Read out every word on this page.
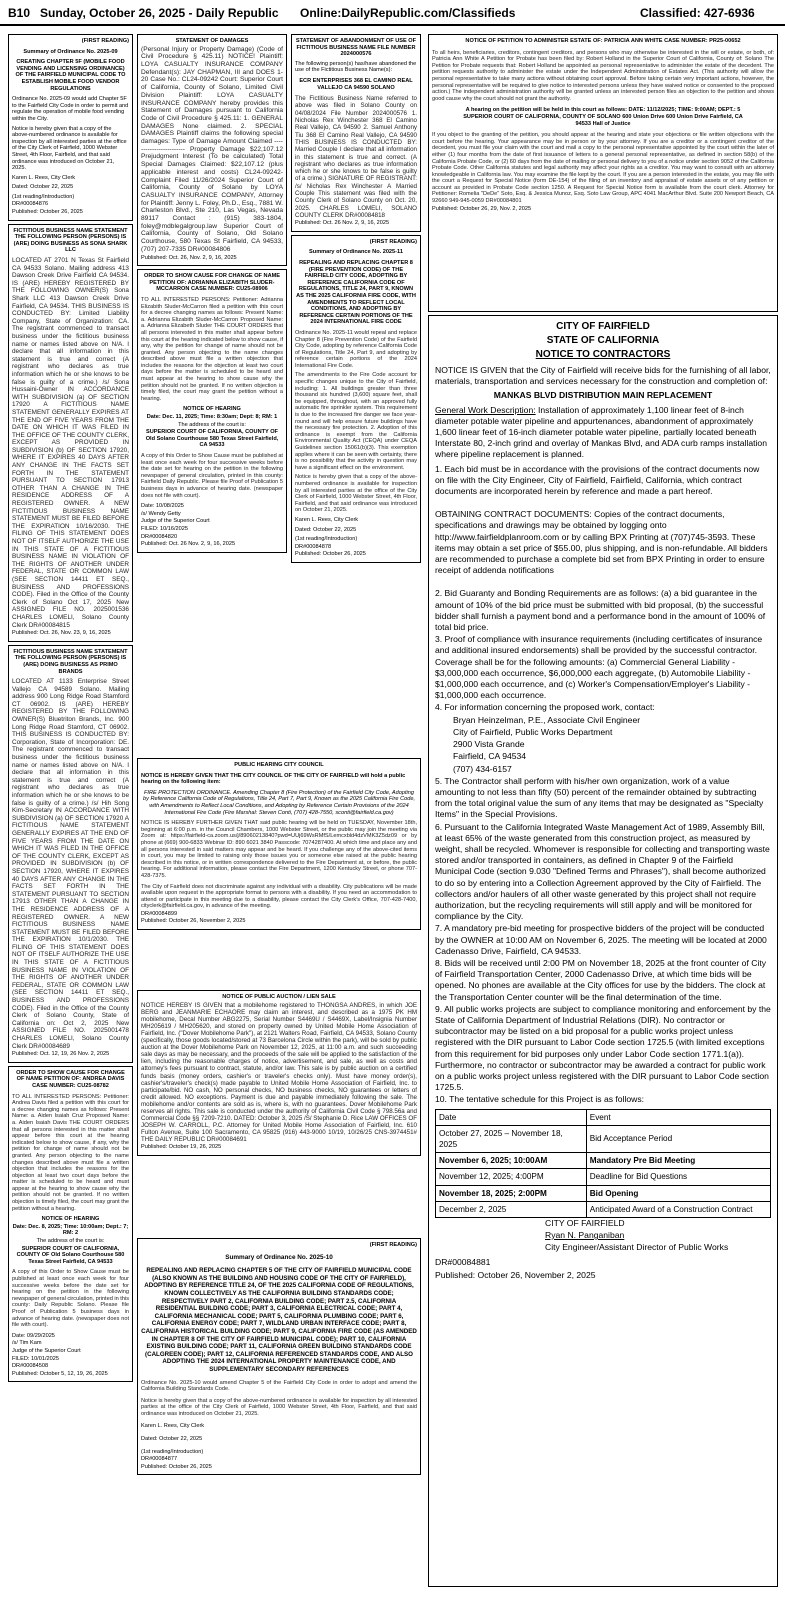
B10 Sunday, October 26, 2025 - Daily Republic Online:DailyRepublic.com/Classifieds	Classified: 427-6936

(FIRST READING)

Summary of Ordinance No. 2025-09

CREATING CHAPTER 5F (MOBILE FOOD VENDING AND LICENSING ORDINANCE) OF THE FAIRFIELD MUNICIPAL CODE TO ESTABLISH MOBILE FOOD VENDOR REGULATIONS

Ordinance No. 2025-09 would add Chapter 5F to the Fairfield City Code in order to permit and regulate the operation of mobile food vending within the City.

Notice is hereby given that a copy of the above-numbered ordinance is available for inspection by all interested parties at the office of the City Clerk of Fairfield, 1000 Webster Street, 4th Floor, Fairfield, and that said ordinance was introduced on October 21, 2025.

Karen L. Rees, City Clerk

Dated: October 22, 2025

(1st reading/Introduction)

DR#00084876

Published: October 26, 2025

FICTITIOUS BUSINESS NAME STATEMENT THE FOLLOWING PERSON (PERSONS) IS (ARE) DOING BUSINESS AS SONA SHARK LLC

LOCATED AT 2701 N Texas St Fairfield CA 94533 Solano. Mailing address 413 Dawson Creek Drive Fairfield CA 94534. IS (ARE) HEREBY REGISTERED BY THE FOLLOWING OWNER(S) Sona Shark LLC 413 Dawson Creek Drive Fairfield, CA 94534. THIS BUSINESS IS CONDUCTED BY: Limited Liability Company, State of Organization: CA. The registrant commenced to transact business under the fictitious business name or names listed above on N/A. I declare that all information in this statement is true and correct (A registrant who declares as true information which he or she knows to be false is guilty of a crime.) /s/ Sona Hussaini-Owner IN ACCORDANCE WITH SUBDIVISION (a) OF SECTION 17920 A FICTITIOUS NAME STATEMENT GENERALLY EXPIRES AT THE END OF FIVE YEARS FROM THE DATE ON WHICH IT WAS FILED IN THE OFFICE OF THE COUNTY CLERK, EXCEPT AS PROVIDED IN SUBDIVISION (b) OF SECTION 17920, WHERE IT EXPIRES 40 DAYS AFTER ANY CHANGE IN THE FACTS SET FORTH IN THE STATEMENT PURSUANT TO SECTION 17913 OTHER THAN A CHANGE IN THE RESIDENCE ADDRESS OF A REGISTERED OWNER. A NEW FICTITIOUS BUSINESS NAME STATEMENT MUST BE FILED BEFORE THE EXPIRATION 10/16/2030. THE FILING OF THIS STATEMENT DOES NOT OF ITSELF AUTHORIZE THE USE IN THIS STATE OF A FICTITIOUS BUSINESS NAME IN VIOLATION OF THE RIGHTS OF ANOTHER UNDER FEDERAL, STATE OR COMMON LAW (SEE SECTION 14411 ET SEQ., BUSINESS AND PROFESSIONS CODE). Filed in the Office of the County Clerk of Solano Oct 17, 2025 New ASSIGNED FILE NO. 2025001536 CHARLES LOMELI, Solano County Clerk DR#00084815

Published: Oct. 26, Nov. 23, 9, 16, 2025

FICTITIOUS BUSINESS NAME STATEMENT THE FOLLOWING PERSON (PERSONS) IS (ARE) DOING BUSINESS AS PRIMO BRANDS

LOCATED AT 1133 Enterprise Street Vallejo CA 94589 Solano. Mailing address 900 Long Ridge Road Stamford CT 06902. IS (ARE) HEREBY REGISTERED BY THE FOLLOWING OWNER(S) Bluetriton Brands, Inc. 900 Long Ridge Road Stamford, CT 06902. THIS BUSINESS IS CONDUCTED BY: Corporation, State of Incorporation: DE. The registrant commenced to transact business under the fictitious business name or names listed above on N/A. I declare that all information in this statement is true and correct (A registrant who declares as true information which he or she knows to be false is guilty of a crime.) /s/ Hih Song Kim-Secretary IN ACCORDANCE WITH SUBDIVISION (a) OF SECTION 17920 A FICTITIOUS NAME STATEMENT GENERALLY EXPIRES AT THE END OF FIVE YEARS FROM THE DATE ON WHICH IT WAS FILED IN THE OFFICE OF THE COUNTY CLERK, EXCEPT AS PROVIDED IN SUBDIVISION (b) OF SECTION 17920, WHERE IT EXPIRES 40 DAYS AFTER ANY CHANGE IN THE FACTS SET FORTH IN THE STATEMENT PURSUANT TO SECTION 17913 OTHER THAN A CHANGE IN THE RESIDENCE ADDRESS OF A REGISTERED OWNER. A NEW FICTITIOUS BUSINESS NAME STATEMENT MUST BE FILED BEFORE THE EXPIRATION 10/1/2030. THE FILING OF THIS STATEMENT DOES NOT OF ITSELF AUTHORIZE THE USE IN THIS STATE OF A FICTITIOUS BUSINESS NAME IN VIOLATION OF THE RIGHTS OF ANOTHER UNDER FEDERAL, STATE OR COMMON LAW (SEE SECTION 14411 ET SEQ., BUSINESS AND PROFESSIONS CODE). Filed in the Office of the County Clerk of Solano County, State of California on: Oct 2, 2025 New ASSIGNED FILE NO. 2025001478 CHARLES LOMELI, Solano County Clerk DR#00084689

Published: Oct. 12, 19, 26 Nov. 2, 2025

ORDER TO SHOW CAUSE FOR CHANGE OF NAME PETITION OF: ANDREA DAVIS CASE NUMBER: CU25-08782

TO ALL INTERESTED PERSONS: Petitioner: Andrea Davis filed a petition with this court for a decree changing names as follows: Present Name: a. Aiden Isaiah Cruz Proposed Name: a. Aiden Isaiah Davis THE COURT ORDERS that all persons interested in this matter shall appear before this court at the hearing indicated below to show cause, if any, why the petition for change of name should not be granted. Any person objecting to the name changes described above must file a written objection that includes the reasons for the objection at least two court days before the matter is scheduled to be heard and must appear at the hearing to show cause why the petition should not be granted. If no written objection is timely filed, the court may grant the petition without a hearing.

NOTICE OF HEARING

Date: Dec. 8, 2025; Time: 10:00am; Dept.: 7; RM: 2

The address of the court is:

SUPERIOR COURT OF CALIFORNIA, COUNTY OF Old Solano Courthouse 580 Texas Street Fairfield, CA 94533

A copy of this Order to Show Cause must be published at least once each week for four successive weeks before the date set for hearing on the petition in the following newspaper of general circulation, printed in this county: Daily Republic Solano. Please file Proof of Publication 5 business days in advance of hearing date. (newspaper does not file with court).

Date: 09/29/2025

/s/ Tim Kam

Judge of the Superior Court

FILED: 10/01/2025

DR#00084508

Published: October 5, 12, 19, 26, 2025

STATEMENT OF DAMAGES

(Personal Injury or Property Damage) (Code of Civil Procedure § 425.11) NOTICE! Plaintiff: LOYA CASUALTY INSURANCE COMPANY Defendant(s): JAY CHAPMAN, III and DOES 1-20 Case No.: CL24-09242 Court: Superior Court of California, County of Solano, Limited Civil Division Plaintiff: LOYA CASUALTY INSURANCE COMPANY hereby provides this Statement of Damages pursuant to California Code of Civil Procedure § 425.11: 1. GENERAL DAMAGES None claimed. 2. SPECIAL DAMAGES Plaintiff claims the following special damages: Type of Damage Amount Claimed ------------------------ Property Damage $22,107.12 Prejudgment Interest (To be calculated) Total Special Damages Claimed: $22,107.12 (plus applicable interest and costs) CL24-09242-Complaint Filed 11/26/2024 Superior Court of California, County of Solano by LOYA CASUALTY INSURANCE COMPANY, Attorney for Plaintiff: Jenny L. Foley, Ph.D., Esq., 7881 W. Charleston Blvd., Ste 210, Las Vegas, Nevada 89117 Contact : (915) 383-1804, foley@mdblegalgroup.law Superior Court of California, County of Solano, Old Solano Courthouse, 580 Texas St Fairfield, CA 94533, (707) 207-7335 DR#00084806

Published: Oct. 26, Nov. 2, 9, 16, 2025

ORDER TO SHOW CAUSE FOR CHANGE OF NAME PETITION OF: ADRIANNA ELIZABITH SLUDER-MCCARRON CASE NUMBER: CU25-08906

TO ALL INTERESTED PERSONS: Petitioner: Adrianna Elizabith Sluder-McCarron filed a petition with this court for a decree changing names as follows: Present Name: a. Adrianna Elizabith Sluder-McCarron Proposed Name: a. Adrianna Elizabeth Sluder THE COURT ORDERS that all persons interested in this matter shall appear before this court at the hearing indicated below to show cause, if any, why the petition for change of name should not be granted. Any person objecting to the name changes described above must file a written objection that includes the reasons for the objection at least two court days before the matter is scheduled to be heard and must appear at the hearing to show cause why the petition should not be granted. If no written objection is timely filed, the court may grant the petition without a hearing.

NOTICE OF HEARING

Date: Dec. 11, 2025; Time: 8:30am; Dept: 8; RM: 1

The address of the court is:

SUPERIOR COURT OF CALIFORNIA, COUNTY OF Old Solano Courthouse 580 Texas Street Fairfield, CA 94533

A copy of this Order to Show Cause must be published at least once each week for four successive weeks before the date set for hearing on the petition in the following newspaper of general circulation, printed in this county: Fairfield Daily Republic. Please file Proof of Publication 5 business days in advance of hearing date. (newspaper does not file with court).

Date: 10/08/2025

/s/ Wendy Getty

Judge of the Superior Court

FILED: 10/16/2025

DR#00084820

Published: Oct. 26 Nov. 2, 9, 16, 2025

STATEMENT OF ABANDONMENT OF USE OF FICTITIOUS BUSINESS NAME FILE NUMBER 2024000576

The following person(s) has/have abandoned the use of the Fictitious Business Name(s):

ECR ENTERPRISES 368 EL CAMINO REAL VALLEJO CA 94590 SOLANO

The Fictitious Business Name referred to above was filed in Solano County on 04/08/2024 File Number 2024000576 1. Nicholas Rex Winchester 368 El Camino Real Vallejo, CA 94590 2. Samuel Anthony Tiu 368 El Camino Real Vallejo, CA 94590 THIS BUSINESS IS CONDUCTED BY: Married Couple I declare that all information in this statement is true and correct. (A registrant who declares as true information which he or she knows to be false is guilty of a crime.) SIGNATURE OF REGISTRANT: /s/ Nicholas Rex Winchester A Married Couple This statement was filed with the County Clerk of Solano County on Oct. 20, 2025. CHARLES LOMELI, SOLANO COUNTY CLERK DR#00084818

Published: Oct. 26 Nov. 2, 9, 16, 2025

(FIRST READING)

Summary of Ordinance No. 2025-11

REPEALING AND REPLACING CHAPTER 8 (FIRE PREVENTION CODE) OF THE FAIRFIELD CITY CODE, ADOPTING BY REFERENCE CALIFORNIA CODE OF REGULATIONS, TITLE 24, PART 9, KNOWN AS THE 2025 CALIFORNIA FIRE CODE, WITH AMENDMENTS TO REFLECT LOCAL CONDITIONS, AND ADOPTING BY REFERENCE CERTAIN PORTIONS OF THE 2024 INTERNATIONAL FIRE CODE

Ordinance No. 2025-11 would repeal and replace Chapter 8 (Fire Prevention Code) of the Fairfield City Code, adopting by reference California Code of Regulations, Title 24, Part 9, and adopting by reference certain portions of the 2024 International Fire Code.

The amendments to the Fire Code account for specific changes unique to the City of Fairfield, including: 1. All buildings greater than three thousand six hundred (3,600) square feet, shall be equipped, throughout, with an approved fully automatic fire sprinkler system. This requirement is due to the increased fire danger we face year-round and will help ensure future buildings have the necessary fire protection. 2. Adoption of this ordinance is exempt from the California Environmental Quality Act (CEQA) under CEQA Guidelines section 15061(b)(3). This exemption applies where it can be seen with certainty, there is no possibility that the activity in question may have a significant effect on the environment.

Notice is hereby given that a copy of the above-numbered ordinance is available for inspection by all interested parties at the office of the City Clerk of Fairfield, 1000 Webster Street, 4th Floor, Fairfield, and that said ordinance was introduced on October 21, 2025.

Karen L. Rees, City Clerk

Dated: October 22, 2025

(1st reading/Introduction)

DR#00084878

Published: October 26, 2025

PUBLIC HEARING CITY COUNCIL

NOTICE IS HEREBY GIVEN THAT THE CITY COUNCIL OF THE CITY OF FAIRFIELD will hold a public hearing on the following item:

FIRE PROTECTION ORDINANCE. Amending Chapter 8 (Fire Protection) of the Fairfield City Code, Adopting by Reference California Code of Regulations, Title 24, Part 7, Part 9, Known as the 2025 California Fire Code, with Amendments to Reflect Local Conditions, and Adopting by Reference Certain Provisions of the 2024 International Fire Code (Fire Marshal: Steven Conti, (707) 428-7550, sconti@fairfield.ca.gov)

NOTICE IS HEREBY FURTHER GIVEN THAT said public hearing will be held on TUESDAY, November 18th, beginning at 6:00 p.m. in the Council Chambers, 1000 Webster Street, or the public may join the meeting via Zoom at: https://fairfield-ca.zoom.us/j/89060213840?pwd=UUj69WsRMfS/Lemcxbld4dzVMK3Z5dz09 or by phone at (669) 900-6833 Webinar ID: 890 6021 3840 Passcode: 7074287400. At which time and place any and all persons interested in said matters may appear and be heard. If you challenge any of the above-cited items in court, you may be limited to raising only those issues you or someone else raised at the public hearing described in this notice, or in written correspondence delivered to the Fire Department at, or before, the public hearing. For additional information, please contact the Fire Department, 1200 Kentucky Street, or phone 707-428-7375.

The City of Fairfield does not discriminate against any individual with a disability. City publications will be made available upon request in the appropriate format to persons with a disability. If you need an accommodation to attend or participate in this meeting due to a disability, please contact the City Clerk's Office, 707-428-7400, cityclerk@fairfield.ca.gov, in advance of the meeting.

DR#00084899

Published: October 26, November 2, 2025

NOTICE OF PUBLIC AUCTION / LIEN SALE

NOTICE HEREBY IS GIVEN that a mobilehome registered to THONGSA ANDRES, in which JOE BERG and JEANMARIE ECHAORE may claim an interest, and described as a 1975 PK HM mobilehome, Decal Number ABG2275, Serial Number S4469U / S4469X, Label/Insignia Number MH205619 / MH205620, and stored on property owned by United Mobile Home Association of Fairfield, Inc. ("Dover Mobilehome Park"), at 2121 Walters Road, Fairfield, CA 94533, Solano County (specifically, those goods located/stored at 73 Barcelona Circle within the park), will be sold by public auction at the Dover Mobilehome Park on November 12, 2025, at 11:00 a.m. and such succeeding sale days as may be necessary, and the proceeds of the sale will be applied to the satisfaction of the lien, including the reasonable charges of notice, advertisement, and sale, as well as costs and attorney's fees pursuant to contract, statute, and/or law. This sale is by public auction on a certified funds basis (money orders, cashier's or traveler's checks only). Must have money order(s), cashier's/traveler's check(s) made payable to United Mobile Home Association of Fairfield, Inc. to participate/bid. NO cash, NO personal checks, NO business checks, NO guarantees or letters of credit allowed. NO exceptions. Payment is due and payable immediately following the sale. The mobilehome and/or contents are sold as is, where is, with no guarantees. Dover Mobilehome Park reserves all rights. This sale is conducted under the authority of California Civil Code § 798.56a and Commercial Code §§ 7209-7210. DATED: October 3, 2025 /S/ Stephanie D. Rice LAW OFFICES OF JOSEPH W. CARROLL, P.C. Attorney for United Mobile Home Association of Fairfield, Inc. 610 Fulton Avenue, Suite 100 Sacramento, CA 95825 (916) 443-9000 10/19, 10/26/25 CNS-3974451# THE DAILY REPUBLIC DR#00084691

Published: October 19, 26, 2025

(FIRST READING)

Summary of Ordinance No. 2025-10

REPEALING AND REPLACING CHAPTER 5 OF THE CITY OF FAIRFIELD MUNICIPAL CODE (ALSO KNOWN AS THE BUILDING AND HOUSING CODE OF THE CITY OF FAIRFIELD), ADOPTING BY REFERENCE TITLE 24, OF THE 2025 CALIFORNIA CODE OF REGULATIONS, KNOWN COLLECTIVELY AS THE CALIFORNIA BUILDING STANDARDS CODE; RESPECTIVELY PART 2, CALIFORNIA BUILDING CODE; PART 2.5, CALIFORNIA RESIDENTIAL BUILDING CODE; PART 3, CALIFORNIA ELECTRICAL CODE; PART 4, CALIFORNIA MECHANICAL CODE; PART 5, CALIFORNIA PLUMBING CODE; PART 6, CALIFORNIA ENERGY CODE; PART 7, WILDLAND URBAN INTERFACE CODE; PART 8, CALIFORNIA HISTORICAL BUILDING CODE; PART 9, CALIFORNIA FIRE CODE (AS AMENDED IN CHAPTER 8 OF THE CITY OF FAIRFIELD MUNICIPAL CODE); PART 10, CALIFORNIA EXISTING BUILDING CODE; PART 11, CALIFORNIA GREEN BUILDING STANDARDS CODE (CALGREEN CODE); PART 12, CALIFORNIA REFERENCED STANDARDS CODE, AND ALSO ADOPTING THE 2024 INTERNATIONAL PROPERTY MAINTENANCE CODE, AND SUPPLEMENTARY SECONDARY REFERENCES

Ordinance No. 2025-10 would amend Chapter 5 of the Fairfield City Code in order to adopt and amend the California Building Standards Code.

Notice is hereby given that a copy of the above-numbered ordinance is available for inspection by all interested parties at the office of the City Clerk of Fairfield, 1000 Webster Street, 4th Floor, Fairfield, and that said ordinance was introduced on October 21, 2025.

Karen L. Rees, City Clerk

Dated: October 22, 2025

(1st reading/Introduction)

DR#00084877

Published: October 26, 2025

NOTICE OF PETITION TO ADMINISTER ESTATE OF: PATRICIA ANN WHITE CASE NUMBER: PR25-00652

To all heirs, beneficiaries, creditors, contingent creditors, and persons who may otherwise be interested in the will or estate, or both, of: Patricia Ann White A Petition for Probate has been filed by: Robert Holland in the Superior Court of California, County of: Solano The Petition for Probate requests that: Robert Holland be appointed as personal representative to administer the estate of the decedent. The petition requests authority to administer the estate under the Independent Administration of Estates Act. (This authority will allow the personal representative to take many actions without obtaining court approval. Before taking certain very important actions, however, the personal representative will be required to give notice to interested persons unless they have waived notice or consented to the proposed action.) The independent administration authority will be granted unless an interested person files an objection to the petition and shows good cause why the court should not grant the authority.

A hearing on the petition will be held in this court as follows: DATE: 11/12/2025; TIME: 9:00AM; DEPT.: 5 SUPERIOR COURT OF CALIFORNIA, COUNTY OF SOLANO 600 Union Drive 600 Union Drive Fairfield, CA 94533 Hall of Justice

If you object to the granting of the petition, you should appear at the hearing and state your objections or file written objections with the court before the hearing. Your appearance may be in person or by your attorney. If you are a creditor or a contingent creditor of the decedent, you must file your claim with the court and mail a copy to the personal representative appointed by the court within the later of either (1) four months from the date of first issuance of letters to a general personal representative, as defined in section 58(b) of the California Probate Code, or (2) 60 days from the date of mailing or personal delivery to you of a notice under section 9052 of the California Probate Code. Other California statutes and legal authority may affect your rights as a creditor. You may want to consult with an attorney knowledgeable in California law. You may examine the file kept by the court. If you are a person interested in the estate, you may file with the court a Request for Special Notice (form DE-154) of the filing of an inventory and appraisal of estate assets or of any petition or account as provided in Probate Code section 1250. A Request for Special Notice form is available from the court clerk. Attorney for Petitioner: Romelia "DeDe" Soto, Esq. & Jessica Munoz, Esq. Soto Law Group, APC 4041 MacArthur Blvd. Suite 200 Newport Beach, CA 92660 949-945-0059 DR#00084801

Published: October 26, 29, Nov. 2, 2025

CITY OF FAIRFIELD

STATE OF CALIFORNIA

NOTICE TO CONTRACTORS

NOTICE IS GIVEN that the City of Fairfield will receive bids for the furnishing of all labor, materials, transportation and services necessary for the construction and completion of:

MANKAS BLVD DISTRIBUTION MAIN REPLACEMENT

General Work Description: Installation of approximately 1,100 linear feet of 8-inch diameter potable water pipeline and appurtenances, abandonment of approximately 1,600 linear feet of 16-inch diameter potable water pipeline, partially located beneath Interstate 80, 2-inch grind and overlay of Mankas Blvd, and ADA curb ramps installation where pipeline replacement is planned.

1. Each bid must be in accordance with the provisions of the contract documents now on file with the City Engineer, City of Fairfield, Fairfield, California, which contract documents are incorporated herein by reference and made a part hereof.

OBTAINING CONTRACT DOCUMENTS: Copies of the contract documents, specifications and drawings may be obtained by logging onto http://www.fairfieldplanroom.com or by calling BPX Printing at (707)745-3593. These items may obtain a set price of $55.00, plus shipping, and is non-refundable. All bidders are recommended to purchase a complete bid set from BPX Printing in order to ensure receipt of addenda notifications

2. Bid Guaranty and Bonding Requirements are as follows: (a) a bid guarantee in the amount of 10% of the bid price must be submitted with bid proposal, (b) the successful bidder shall furnish a payment bond and a performance bond in the amount of 100% of total bid price.

3. Proof of compliance with insurance requirements (including certificates of insurance and additional insured endorsements) shall be provided by the successful contractor. Coverage shall be for the following amounts: (a) Commercial General Liability - $3,000,000 each occurrence, $6,000,000 each aggregate, (b) Automobile Liability - $1,000,000 each occurrence, and (c) Worker's Compensation/Employer's Liability - $1,000,000 each occurrence.

4. For information concerning the proposed work, contact:

Bryan Heinzelman, P.E., Associate Civil Engineer

City of Fairfield, Public Works Department

2900 Vista Grande

Fairfield, CA 94534

(707) 434-6157

5. The Contractor shall perform with his/her own organization, work of a value amounting to not less than fifty (50) percent of the remainder obtained by subtracting from the total original value the sum of any items that may be designated as "Specialty Items" in the Special Provisions.

6. Pursuant to the California Integrated Waste Management Act of 1989, Assembly Bill, at least 65% of the waste generated from this construction project, as measured by weight, shall be recycled. Whomever is responsible for collecting and transporting waste stored and/or transported in containers, as defined in Chapter 9 of the Fairfield Municipal Code (section 9.030 "Defined Terms and Phrases"), shall become authorized to do so by entering into a Collection Agreement approved by the City of Fairfield. The collectors and/or haulers of all other waste generated by this project shall not require authorization, but the recycling requirements will still apply and will be monitored for compliance by the City.

7. A mandatory pre-bid meeting for prospective bidders of the project will be conducted by the OWNER at 10:00 AM on November 6, 2025. The meeting will be located at 2000 Cadenasso Drive, Fairfield, CA 94533.

8. Bids will be received until 2:00 PM on November 18, 2025 at the front counter of City of Fairfield Transportation Center, 2000 Cadenasso Drive, at which time bids will be opened. No phones are available at the City offices for use by the bidders. The clock at the Transportation Center counter will be the final determination of the time.

9. All public works projects are subject to compliance monitoring and enforcement by the State of California Department of Industrial Relations (DIR). No contractor or subcontractor may be listed on a bid proposal for a public works project unless registered with the DIR pursuant to Labor Code section 1725.5 (with limited exceptions from this requirement for bid purposes only under Labor Code section 1771.1(a)). Furthermore, no contractor or subcontractor may be awarded a contract for public work on a public works project unless registered with the DIR pursuant to Labor Code section 1725.5.

10. The tentative schedule for this Project is as follows:

Date	Event
October 27, 2025 – November 18, 2025	Bid Acceptance Period
November 6, 2025; 10:00AM	Mandatory Pre Bid Meeting
November 12, 2025; 4:00PM	Deadline for Bid Questions
November 18, 2025; 2:00PM	Bid Opening
December 2, 2025	Anticipated Award of a Construction Contract

CITY OF FAIRFIELD

Ryan N. Panganiban

City Engineer/Assistant Director of Public Works

DR#00084881

Published: October 26, November 2, 2025
